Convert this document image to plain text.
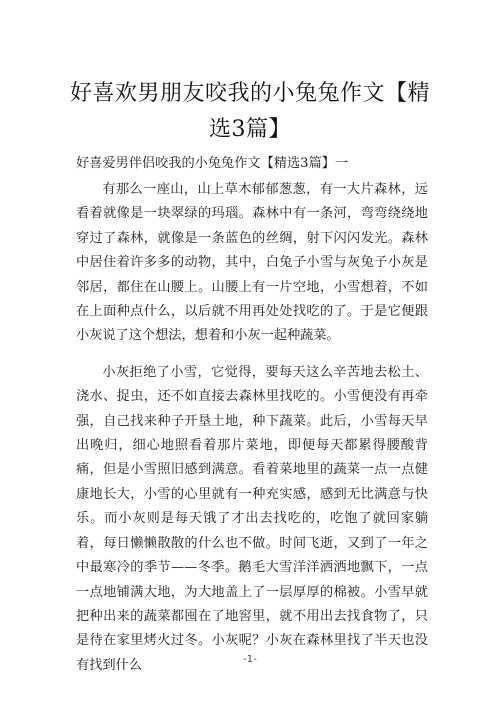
好喜欢男朋友咬我的小兔兔作文【精选3篇】
好喜爱男伴侣咬我的小兔兔作文【精选3篇】一

有那么一座山，山上草木郁郁葱葱，有一大片森林，远看着就像是一块翠绿的玛瑙。森林中有一条河，弯弯绕绕地穿过了森林，就像是一条蓝色的丝绸，射下闪闪发光。森林中居住着许多多的动物，其中，白兔子小雪与灰兔子小灰是邻居，都住在山腰上。山腰上有一片空地，小雪想着，不如在上面种点什么，以后就不用再处处找吃的了。于是它便跟小灰说了这个想法，想着和小灰一起种蔬菜。

小灰拒绝了小雪，它觉得，要每天这么辛苦地去松土、浇水、捉虫，还不如直接去森林里找吃的。小雪便没有再牵强，自己找来种子开垦土地，种下蔬菜。此后，小雪每天早出晚归，细心地照看着那片菜地，即便每天都累得腰酸背痛，但是小雪照旧感到满意。看着菜地里的蔬菜一点一点健康地长大，小雪的心里就有一种充实感，感到无比满意与快乐。而小灰则是每天饿了才出去找吃的，吃饱了就回家躺着，每日懒懒散散的什么也不做。时间飞逝，又到了一年之中最寒冷的季节——冬季。鹅毛大雪洋洋洒洒地飘下，一点一点地铺满大地，为大地盖上了一层厚厚的棉被。小雪早就把种出来的蔬菜都囤在了地窖里，就不用出去找食物了，只是待在家里烤火过冬。小灰呢？小灰在森林里找了半天也没有找到什么	-1-
